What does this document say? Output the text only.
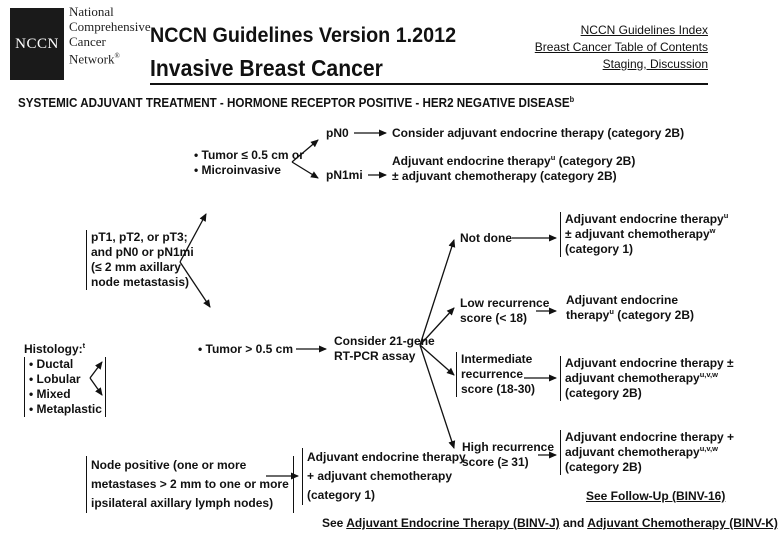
NCCN
National
Comprehensive
Cancer
Network®
NCCN Guidelines Version 1.2012
Invasive Breast Cancer
NCCN Guidelines Index
Breast Cancer Table of Contents
Staging, Discussion
SYSTEMIC ADJUVANT TREATMENT - HORMONE RECEPTOR POSITIVE - HER2 NEGATIVE DISEASE$^b$
Histology:$^t$
• Ductal
• Lobular
• Mixed
• Metaplastic
pT1, pT2, or pT3;
and pN0 or pN1mi
(≤ 2 mm axillary
node metastasis)
Node positive (one or more
metastases > 2 mm to one or more
ipsilateral axillary lymph nodes)
Adjuvant endocrine therapy
+ adjuvant chemotherapy
(category 1)
• Tumor ≤ 0.5 cm or
• Microinvasive
pN0	Consider adjuvant endocrine therapy (category 2B)
pN1mi
Adjuvant endocrine therapy$^u$ (category 2B)
± adjuvant chemotherapy (category 2B)
• Tumor > 0.5 cm
Consider 21-gene
RT-PCR assay
Not done
Adjuvant endocrine therapy$^u$
± adjuvant chemotherapy$^w$
(category 1)
Low recurrence
score (< 18)
Adjuvant endocrine
therapy$^u$ (category 2B)
Intermediate
recurrence
score (18-30)
Adjuvant endocrine therapy ±
adjuvant chemotherapy$^{u,v,w}$
(category 2B)
High recurrence
score (≥ 31)
Adjuvant endocrine therapy +
adjuvant chemotherapy$^{u,v,w}$
(category 2B)
See Follow-Up (BINV-16)
See Adjuvant Endocrine Therapy (BINV-J) and Adjuvant Chemotherapy (BINV-K)
